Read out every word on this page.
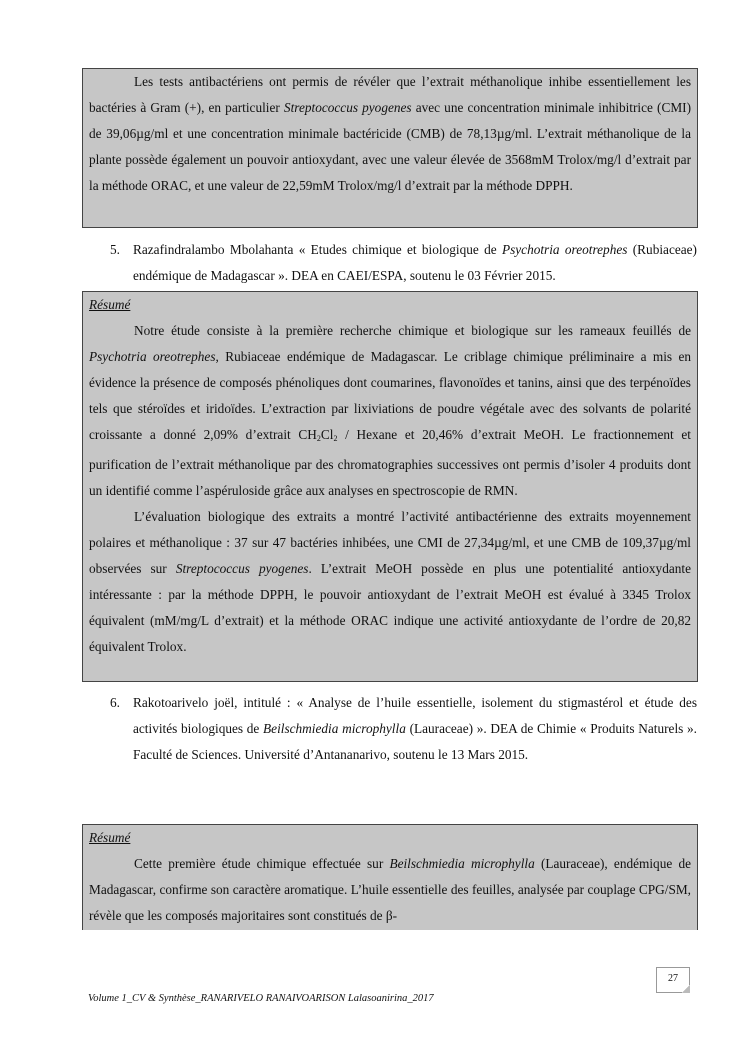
Les tests antibactériens ont permis de révéler que l’extrait méthanolique inhibe essentiellement les bactéries à Gram (+), en particulier Streptococcus pyogenes avec une concentration minimale inhibitrice (CMI) de 39,06µg/ml et une concentration minimale bactéricide (CMB) de 78,13µg/ml. L’extrait méthanolique de la plante possède également un pouvoir antioxydant, avec une valeur élevée de 3568mM Trolox/mg/l d’extrait par la méthode ORAC, et une valeur de 22,59mM Trolox/mg/l d’extrait par la méthode DPPH.

5. Razafindralambo Mbolahanta « Etudes chimique et biologique de Psychotria oreotrephes (Rubiaceae) endémique de Madagascar ». DEA en CAEI/ESPA, soutenu le 03 Février 2015.

Résumé

Notre étude consiste à la première recherche chimique et biologique sur les rameaux feuillés de Psychotria oreotrephes, Rubiaceae endémique de Madagascar. Le criblage chimique préliminaire a mis en évidence la présence de composés phénoliques dont coumarines, flavonoïdes et tanins, ainsi que des terpénoïdes tels que stéroïdes et iridoïdes. L’extraction par lixiviations de poudre végétale avec des solvants de polarité croissante a donné 2,09% d’extrait $CH_2Cl_2$ / Hexane et 20,46% d’extrait MeOH. Le fractionnement et purification de l’extrait méthanolique par des chromatographies successives ont permis d’isoler 4 produits dont un identifié comme l’aspéruloside grâce aux analyses en spectroscopie de RMN.

L’évaluation biologique des extraits a montré l’activité antibactérienne des extraits moyennement polaires et méthanolique : 37 sur 47 bactéries inhibées, une CMI de 27,34µg/ml, et une CMB de 109,37µg/ml observées sur Streptococcus pyogenes. L’extrait MeOH possède en plus une potentialité antioxydante intéressante : par la méthode DPPH, le pouvoir antioxydant de l’extrait MeOH est évalué à 3345 Trolox équivalent (mM/mg/L d’extrait) et la méthode ORAC indique une activité antioxydante de l’ordre de 20,82 équivalent Trolox.

6. Rakotoarivelo joël, intitulé : « Analyse de l’huile essentielle, isolement du stigmastérol et étude des activités biologiques de Beilschmiedia microphylla (Lauraceae) ». DEA de Chimie « Produits Naturels ». Faculté de Sciences. Université d’Antananarivo, soutenu le 13 Mars 2015.

Résumé

Cette première étude chimique effectuée sur Beilschmiedia microphylla (Lauraceae), endémique de Madagascar, confirme son caractère aromatique. L’huile essentielle des feuilles, analysée par couplage CPG/SM, révèle que les composés majoritaires sont constitués de β-

27
Volume 1_CV & Synthèse_RANARIVELO RANAIVOARISON Lalasoanirina_2017
